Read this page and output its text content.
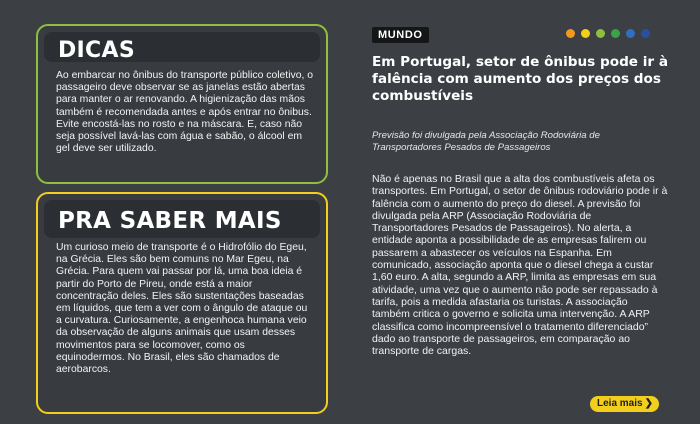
DICAS
Ao embarcar no ônibus do transporte público coletivo, o passageiro deve observar se as janelas estão abertas para manter o ar renovando. A higienização das mãos também é recomendada antes e após entrar no ônibus. Evite encostá-las no rosto e na máscara. E, caso não seja possível lavá-las com água e sabão, o álcool em gel deve ser utilizado.
PRA SABER MAIS
Um curioso meio de transporte é o Hidrofólio do Egeu, na Grécia. Eles são bem comuns no Mar Egeu, na Grécia. Para quem vai passar por lá, uma boa ideia é partir do Porto de Pireu, onde está a maior concentração deles. Eles são sustentações baseadas em líquidos, que tem a ver com o ângulo de ataque ou a curvatura. Curiosamente, a engenhoca humana veio da observação de alguns animais que usam desses movimentos para se locomover, como os equinodermos. No Brasil, eles são chamados de aerobarcos.
MUNDO
Em Portugal, setor de ônibus pode ir à falência com aumento dos preços dos combustíveis
Previsão foi divulgada pela Associação Rodoviária de Transportadores Pesados de Passageiros
Não é apenas no Brasil que a alta dos combustíveis afeta os transportes. Em Portugal, o setor de ônibus rodoviário pode ir à falência com o aumento do preço do diesel. A previsão foi divulgada pela ARP (Associação Rodoviária de Transportadores Pesados de Passageiros). No alerta, a entidade aponta a possibilidade de as empresas falirem ou passarem a abastecer os veículos na Espanha. Em comunicado, associação aponta que o diesel chega a custar 1,60 euro. A alta, segundo a ARP, limita as empresas em sua atividade, uma vez que o aumento não pode ser repassado à tarifa, pois a medida afastaria os turistas. A associação também critica o governo e solicita uma intervenção. A ARP classifica como incompreensível o tratamento diferenciado” dado ao transporte de passageiros, em comparação ao transporte de cargas.
Leia mais ❯
